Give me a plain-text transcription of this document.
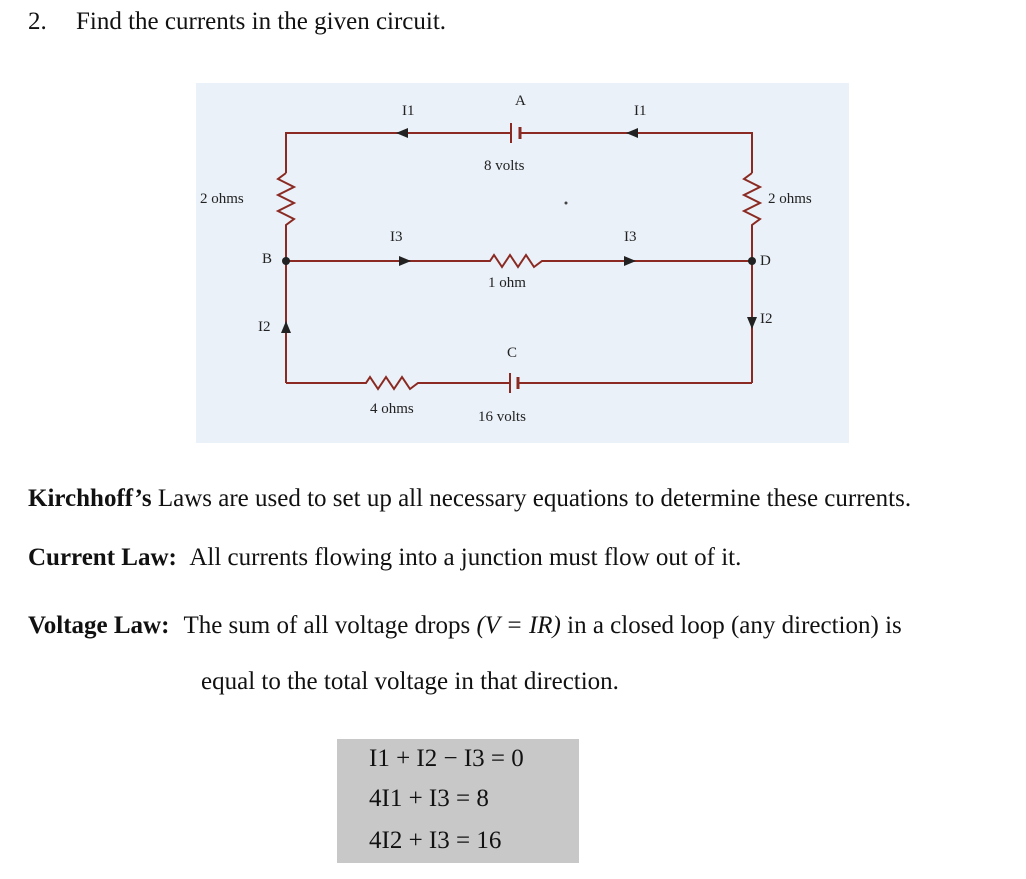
2. Find the currents in the given circuit.
I1
A
I1
8 volts
2 ohms	2 ohms
I3	I3
B	D
1 ohm
I2	I2
C
4 ohms	16 volts
Kirchhoff’s Laws are used to set up all necessary equations to determine these currents.
Current Law: All currents flowing into a junction must flow out of it.
Voltage Law: The sum of all voltage drops (V = IR) in a closed loop (any direction) is
equal to the total voltage in that direction.
I1 + I2 − I3 = 0
4I1 + I3 = 8
4I2 + I3 = 16
